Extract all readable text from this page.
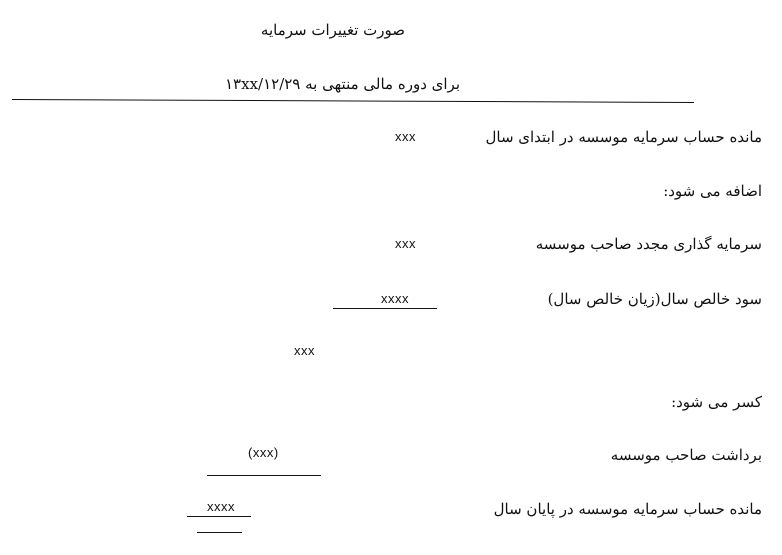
صورت تغییرات سرمایه
برای دوره مالی منتهی به ۱۳xx/۱۲/۲۹
مانده حساب سرمایه موسسه در ابتدای سال
xxx
اضافه می شود:
سرمایه گذاری مجدد صاحب موسسه
xxx
سود خالص سال(زیان خالص سال)
xxxx
xxx
کسر می شود:
برداشت صاحب موسسه
(xxx)
مانده حساب سرمایه موسسه در پایان سال
xxxx
